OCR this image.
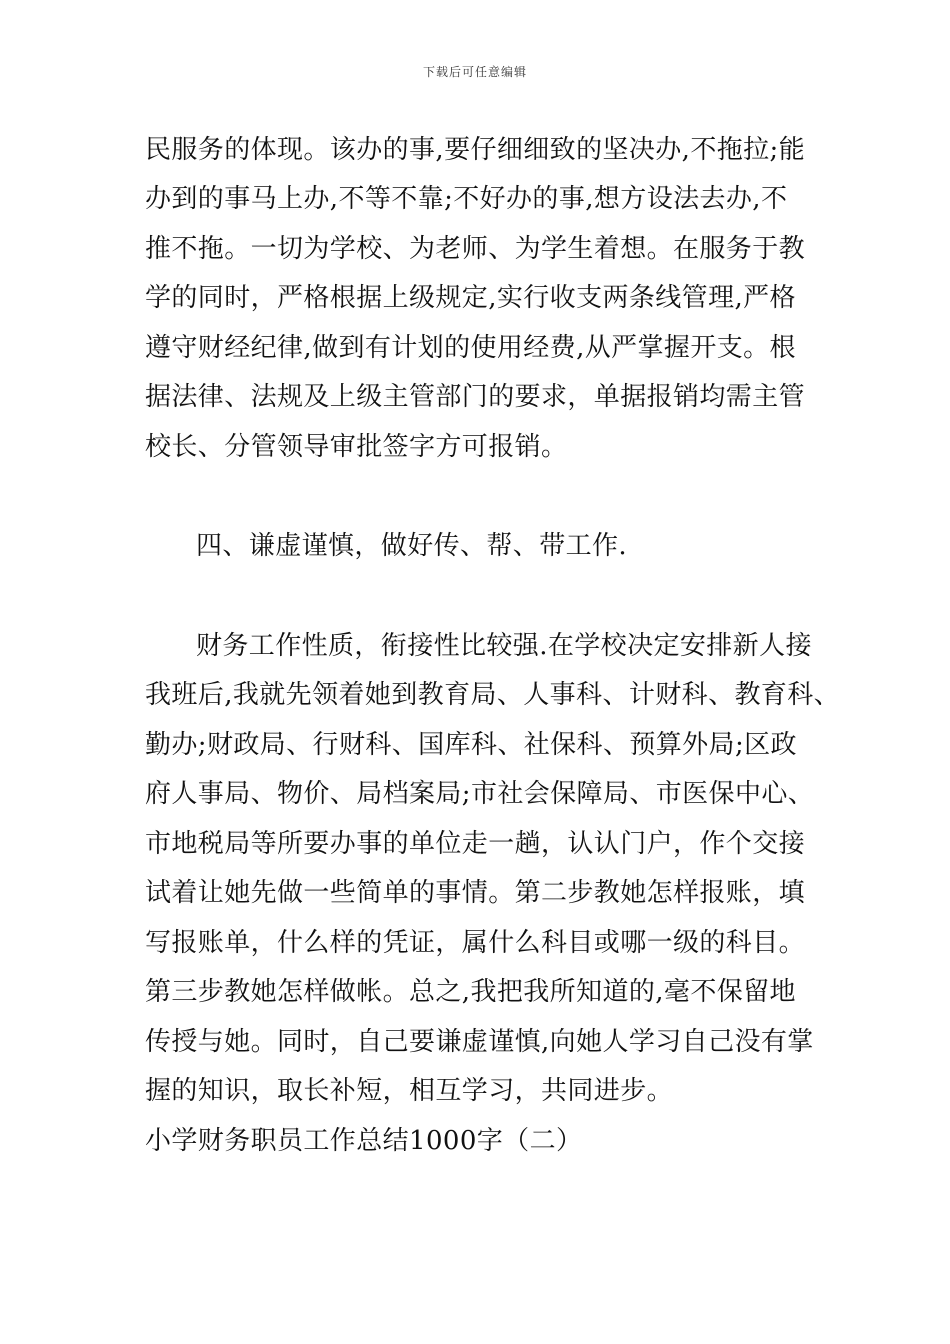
下载后可任意编辑
民服务的体现。该办的事,要仔细细致的坚决办,不拖拉;能
办到的事马上办,不等不靠;不好办的事,想方设法去办,不
推不拖。一切为学校、为老师、为学生着想。在服务于教
学的同时，严格根据上级规定,实行收支两条线管理,严格
遵守财经纪律,做到有计划的使用经费,从严掌握开支。根
据法律、法规及上级主管部门的要求，单据报销均需主管
校长、分管领导审批签字方可报销。
四、谦虚谨慎，做好传、帮、带工作.
财务工作性质，衔接性比较强.在学校决定安排新人接
我班后,我就先领着她到教育局、人事科、计财科、教育科、
勤办;财政局、行财科、国库科、社保科、预算外局;区政
府人事局、物价、局档案局;市社会保障局、市医保中心、
市地税局等所要办事的单位走一趟，认认门户，作个交接
试着让她先做一些简单的事情。第二步教她怎样报账，填
写报账单，什么样的凭证，属什么科目或哪一级的科目。
第三步教她怎样做帐。总之,我把我所知道的,毫不保留地
传授与她。同时，自己要谦虚谨慎,向她人学习自己没有掌
握的知识，取长补短，相互学习，共同进步。
小学财务职员工作总结1000字（二）
